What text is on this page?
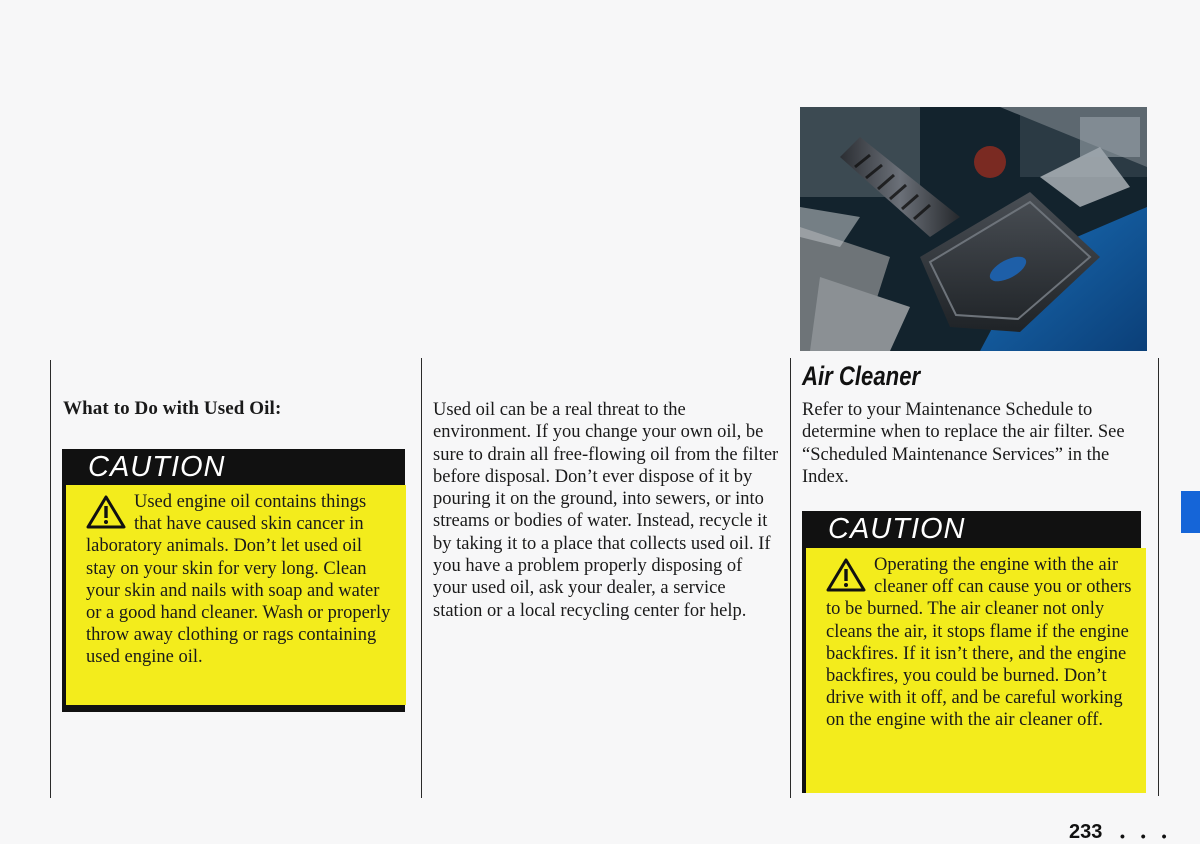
What to Do with Used Oil:
CAUTION

Used engine oil contains things that have caused skin cancer in laboratory animals. Don’t let used oil stay on your skin for very long. Clean your skin and nails with soap and water or a good hand cleaner. Wash or properly throw away clothing or rags containing used engine oil.

Used oil can be a real threat to the environment. If you change your own oil, be sure to drain all free-flowing oil from the filter before disposal. Don’t ever dispose of it by pouring it on the ground, into sewers, or into streams or bodies of water. Instead, recycle it by taking it to a place that collects used oil. If you have a problem properly disposing of your used oil, ask your dealer, a service station or a local recycling center for help.

Air Cleaner

Refer to your Maintenance Schedule to determine when to replace the air filter. See “Scheduled Maintenance Services” in the Index.

CAUTION

Operating the engine with the air cleaner off can cause you or others to be burned. The air cleaner not only cleans the air, it stops flame if the engine backfires. If it isn’t there, and the engine backfires, you could be burned. Don’t drive with it off, and be careful working on the engine with the air cleaner off.

233 • • •
